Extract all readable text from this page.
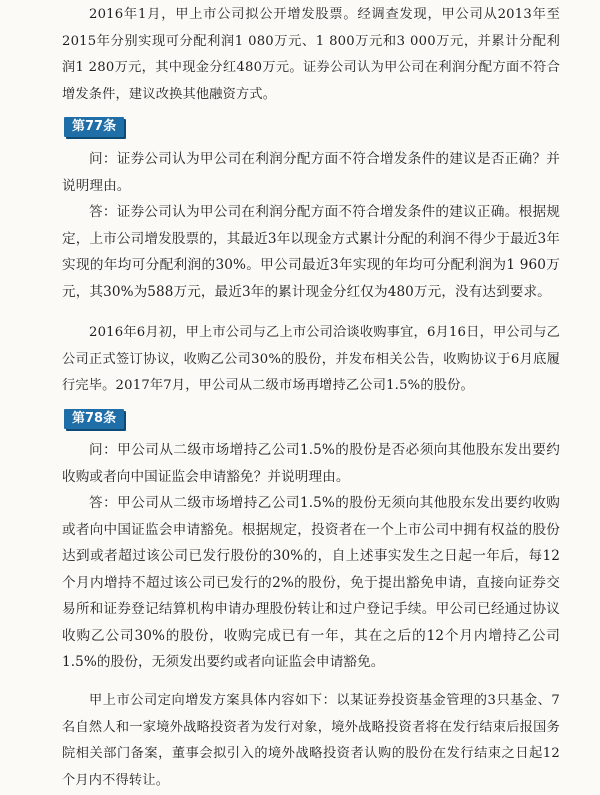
2016年1月，甲上市公司拟公开增发股票。经调查发现，甲公司从2013年至2015年分别实现可分配利润1 080万元、1 800万元和3 000万元，并累计分配利润1 280万元，其中现金分红480万元。证券公司认为甲公司在利润分配方面不符合增发条件，建议改换其他融资方式。

第77条

问：证券公司认为甲公司在利润分配方面不符合增发条件的建议是否正确？并说明理由。

答：证券公司认为甲公司在利润分配方面不符合增发条件的建议正确。根据规定，上市公司增发股票的，其最近3年以现金方式累计分配的利润不得少于最近3年实现的年均可分配利润的30%。甲公司最近3年实现的年均可分配利润为1 960万元，其30%为588万元，最近3年的累计现金分红仅为480万元，没有达到要求。

2016年6月初，甲上市公司与乙上市公司洽谈收购事宜，6月16日，甲公司与乙公司正式签订协议，收购乙公司30%的股份，并发布相关公告，收购协议于6月底履行完毕。2017年7月，甲公司从二级市场再增持乙公司1.5%的股份。

第78条

问：甲公司从二级市场增持乙公司1.5%的股份是否必须向其他股东发出要约收购或者向中国证监会申请豁免？并说明理由。

答：甲公司从二级市场增持乙公司1.5%的股份无须向其他股东发出要约收购或者向中国证监会申请豁免。根据规定，投资者在一个上市公司中拥有权益的股份达到或者超过该公司已发行股份的30%的，自上述事实发生之日起一年后，每12个月内增持不超过该公司已发行的2%的股份，免于提出豁免申请，直接向证券交易所和证券登记结算机构申请办理股份转让和过户登记手续。甲公司已经通过协议收购乙公司30%的股份，收购完成已有一年，其在之后的12个月内增持乙公司1.5%的股份，无须发出要约或者向证监会申请豁免。

甲上市公司定向增发方案具体内容如下：以某证券投资基金管理的3只基金、7名自然人和一家境外战略投资者为发行对象，境外战略投资者将在发行结束后报国务院相关部门备案，董事会拟引入的境外战略投资者认购的股份在发行结束之日起12个月内不得转让。
